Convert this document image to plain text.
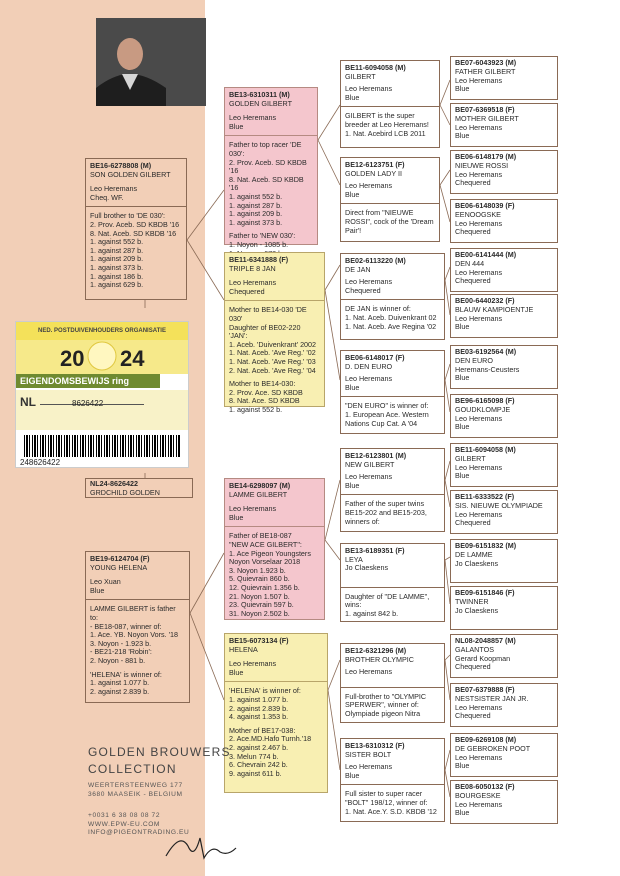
BE16-6278808 (M)
SON GOLDEN GILBERT
Leo Heremans
Cheq. WF.
Full brother to 'DE 030':
2. Prov. Aceb. SD KBDB '16
8. Nat. Aceb. SD KBDB '16
1. against 552 b.
1. against 287 b.
1. against 209 b.
1. against 373 b.
1. against 186 b.
1. against 629 b.
NED. POSTDUIVENHOUDERS ORGANISATIE
20 24
EIGENDOMSBEWIJS ring
NL	8626422
248626422
NL24-8626422
GRDCHILD GOLDEN
BE19-6124704 (F)
YOUNG HELENA
Leo Xuan
Blue
LAMME GILBERT is father to:
- BE18-087, winner of:
1. Ace. YB. Noyon Vors. '18
3. Noyon - 1.923 b.
- BE21-218 'Robin':
2. Noyon - 881 b.
'HELENA' is winner of:
1. against 1.077 b.
2. against 2.839 b.
BE13-6310311 (M)
GOLDEN GILBERT
Leo Heremans
Blue
Father to top racer 'DE 030':
2. Prov. Aceb. SD KBDB '16
8. Nat. Aceb. SD KBDB '16
1. against 552 b.
1. against 287 b.
1. against 209 b.
1. against 373 b.
Father to 'NEW 030':
1. Noyon - 1085 b.

BE11-6341888 (F)
TRIPLE 8 JAN
Leo Heremans
Chequered
Mother to BE14-030 'DE 030'
Daughter of BE02-220 'JAN':
1. Aceb. 'Duivenkrant' 2002
1. Nat. Aceb. 'Ave Reg.' '02
1. Nat. Aceb. 'Ave Reg.' '03
2. Nat. Aceb. 'Ave Reg.' '04
Mother to BE14-030:
2. Prov. Ace. SD KBDB
8. Nat. Ace. SD KBDB
1. against 552 b.
BE14-6298097 (M)
LAMME GILBERT
Leo Heremans
Blue
Father of BE18-087
"NEW ACE GILBERT":
1. Ace Pigeon Youngsters
Noyon Vorselaar 2018
3. Noyon 1.923 b.
5. Quievrain 860 b.
12. Quievrain 1.356 b.
21. Noyon 1.507 b.
23. Quievrain 597 b.
31. Noyon 2.502 b.
BE15-6073134 (F)
HELENA
Leo Heremans
Blue
'HELENA' is winner of:
1. against 1.077 b.
2. against 2.839 b.
4. against 1.353 b.
Mother of BE17-038:
2. Ace.MD.Hafo Turnh.'18
2. against 2.467 b.
3. Melun 774 b.
6. Chevrain 242 b.
9. against 611 b.
BE11-6094058 (M)
GILBERT
Leo Heremans
Blue
GILBERT is the super
breeder at Leo Heremans!
1. Nat. Acebird LCB 2011
BE12-6123751 (F)
GOLDEN LADY II
Leo Heremans
Blue
Direct from "NIEUWE
ROSSI", cock of the 'Dream
Pair'!
BE02-6113220 (M)
DE JAN
Leo Heremans
Chequered
DE JAN is winner of:
1. Nat. Aceb. Duivenkrant 02
1. Nat. Aceb. Ave Regina '02
BE06-6148017 (F)
D. DEN EURO
Leo Heremans
Blue
"DEN EURO" is winner of:
1. European Ace. Western
Nations Cup Cat. A '04
BE12-6123801 (M)
NEW GILBERT
Leo Heremans
Blue
Father of the super twins
BE15-202 and BE15-203,
winners of:
BE13-6189351 (F)
LEYA
Jo Claeskens
Daughter of "DE LAMME",
wins:
1. against 842 b.
BE12-6321296 (M)
BROTHER OLYMPIC
Leo Heremans
Full-brother to "OLYMPIC
SPERWER", winner of:
Olympiade pigeon Nitra
BE13-6310312 (F)
SISTER BOLT
Leo Heremans
Blue
Full sister to super racer
"BOLT" 198/12, winner of:
1. Nat. Ace.Y. S.D. KBDB '12
BE07-6043923 (M)
FATHER GILBERT
Leo Heremans
Blue
BE07-6369518 (F)
MOTHER GILBERT
Leo Heremans
Blue
BE06-6148179 (M)
NIEUWE ROSSI
Leo Heremans
Chequered
BE06-6148039 (F)
EENOOGSKE
Leo Heremans
Chequered
BE00-6141444 (M)
DEN 444
Leo Heremans
Chequered
BE00-6440232 (F)
BLAUW KAMPIOENTJE
Leo Heremans
Blue
BE03-6192564 (M)
DEN EURO
Heremans-Ceusters
Blue
BE96-6165098 (F)
GOUDKLOMPJE
Leo Heremans
Blue
BE11-6094058 (M)
GILBERT
Leo Heremans
Blue
BE11-6333522 (F)
SIS. NIEUWE OLYMPIADE
Leo Heremans
Chequered
BE09-6151832 (M)
DE LAMME
Jo Claeskens
BE09-6151846 (F)
TWINNER
Jo Claeskens
NL08-2048857 (M)
GALANTOS
Gerard Koopman
Chequered
BE07-6379888 (F)
NESTSISTER JAN JR.
Leo Heremans
Chequered
BE09-6269108 (M)
DE GEBROKEN POOT
Leo Heremans
Blue
BE08-6050132 (F)
BOURGESKE
Leo Heremans
Blue
GOLDEN BROUWERS
COLLECTION
WEERTERSTEENWEG 177
3680 MAASEIK - BELGIUM
+0031 6 38 08 08 72
WWW.EPW-EU.COM
INFO@PIGEONTRADING.EU
